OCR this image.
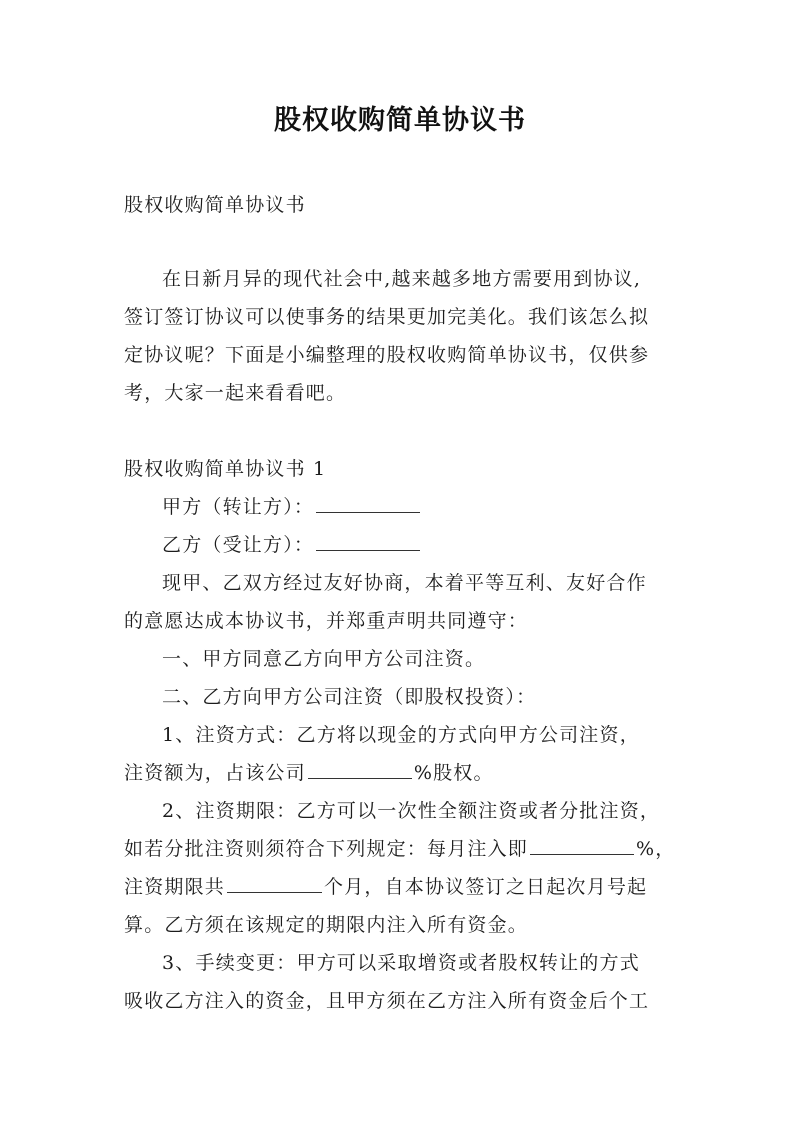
股权收购简单协议书
股权收购简单协议书
在日新月异的现代社会中,越来越多地方需要用到协议,
签订签订协议可以使事务的结果更加完美化。我们该怎么拟
定协议呢？下面是小编整理的股权收购简单协议书，仅供参
考，大家一起来看看吧。
股权收购简单协议书 1
甲方（转让方）：
乙方（受让方）：
现甲、乙双方经过友好协商，本着平等互利、友好合作
的意愿达成本协议书，并郑重声明共同遵守：
一、甲方同意乙方向甲方公司注资。
二、乙方向甲方公司注资（即股权投资）：
1、注资方式：乙方将以现金的方式向甲方公司注资，
注资额为，占该公司	%股权。
2、注资期限：乙方可以一次性全额注资或者分批注资，
如若分批注资则须符合下列规定：每月注入即	%，
注资期限共	个月，自本协议签订之日起次月号起
算。乙方须在该规定的期限内注入所有资金。
3、手续变更：甲方可以采取增资或者股权转让的方式
吸收乙方注入的资金，且甲方须在乙方注入所有资金后个工
